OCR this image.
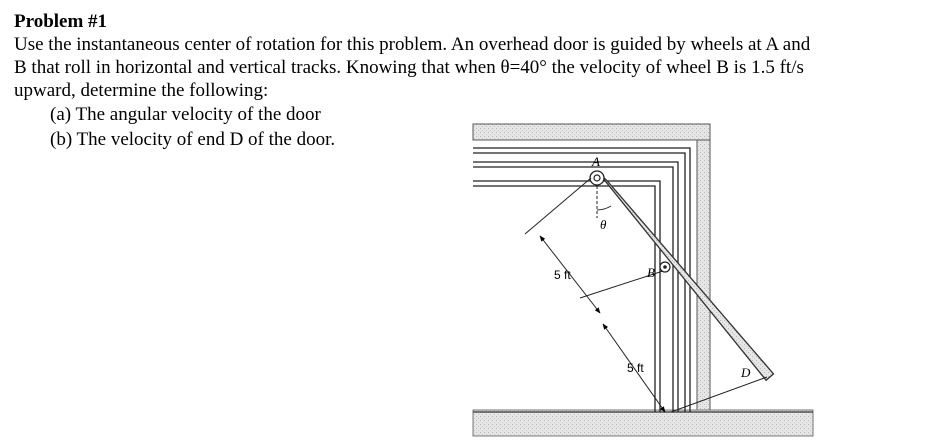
Problem #1

Use the instantaneous center of rotation for this problem. An overhead door is guided by wheels at A and

B that roll in horizontal and vertical tracks. Knowing that when θ=40° the velocity of wheel B is 1.5 ft/s

upward, determine the following:

(a) The angular velocity of the door
(b) The velocity of end D of the door.
A
B
D
θ
5 ft
5 ft
